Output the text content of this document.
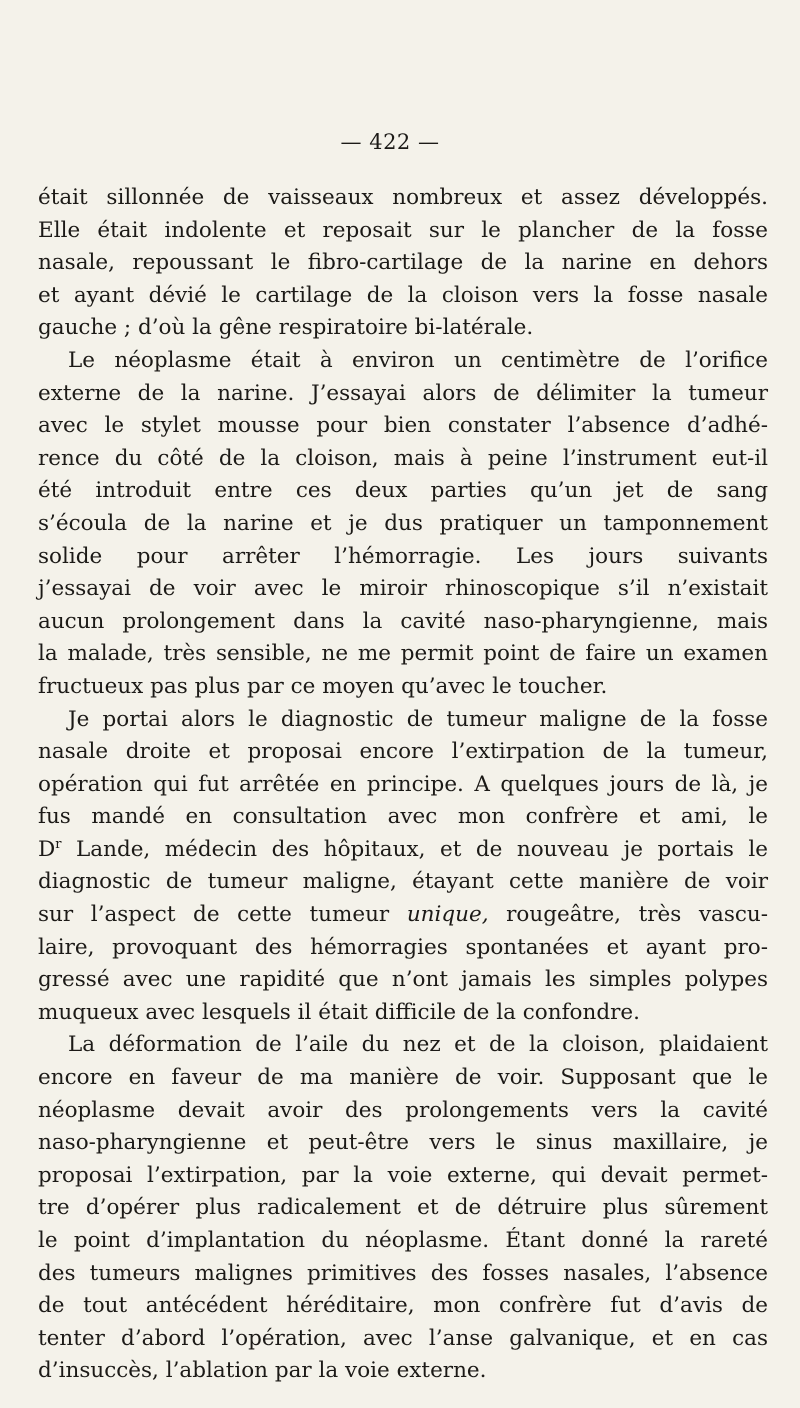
— 422 —
était sillonnée de vaisseaux nombreux et assez développés.
Elle était indolente et reposait sur le plancher de la fosse
nasale, repoussant le fibro-cartilage de la narine en dehors
et ayant dévié le cartilage de la cloison vers la fosse nasale
gauche ; d’où la gêne respiratoire bi-latérale.
Le néoplasme était à environ un centimètre de l’orifice
externe de la narine. J’essayai alors de délimiter la tumeur
avec le stylet mousse pour bien constater l’absence d’adhé-
rence du côté de la cloison, mais à peine l’instrument eut-il
été introduit entre ces deux parties qu’un jet de sang
s’écoula de la narine et je dus pratiquer un tamponnement
solide pour arrêter l’hémorragie. Les jours suivants
j’essayai de voir avec le miroir rhinoscopique s’il n’existait
aucun prolongement dans la cavité naso-pharyngienne, mais
la malade, très sensible, ne me permit point de faire un examen
fructueux pas plus par ce moyen qu’avec le toucher.
Je portai alors le diagnostic de tumeur maligne de la fosse
nasale droite et proposai encore l’extirpation de la tumeur,
opération qui fut arrêtée en principe. A quelques jours de là, je
fus mandé en consultation avec mon confrère et ami, le
$D^r$ Lande, médecin des hôpitaux, et de nouveau je portais le
diagnostic de tumeur maligne, étayant cette manière de voir
sur l’aspect de cette tumeur unique, rougeâtre, très vascu-
laire, provoquant des hémorragies spontanées et ayant pro-
gressé avec une rapidité que n’ont jamais les simples polypes
muqueux avec lesquels il était difficile de la confondre.
La déformation de l’aile du nez et de la cloison, plaidaient
encore en faveur de ma manière de voir. Supposant que le
néoplasme devait avoir des prolongements vers la cavité
naso-pharyngienne et peut-être vers le sinus maxillaire, je
proposai l’extirpation, par la voie externe, qui devait permet-
tre d’opérer plus radicalement et de détruire plus sûrement
le point d’implantation du néoplasme. Étant donné la rareté
des tumeurs malignes primitives des fosses nasales, l’absence
de tout antécédent héréditaire, mon confrère fut d’avis de
tenter d’abord l’opération, avec l’anse galvanique, et en cas
d’insuccès, l’ablation par la voie externe.
